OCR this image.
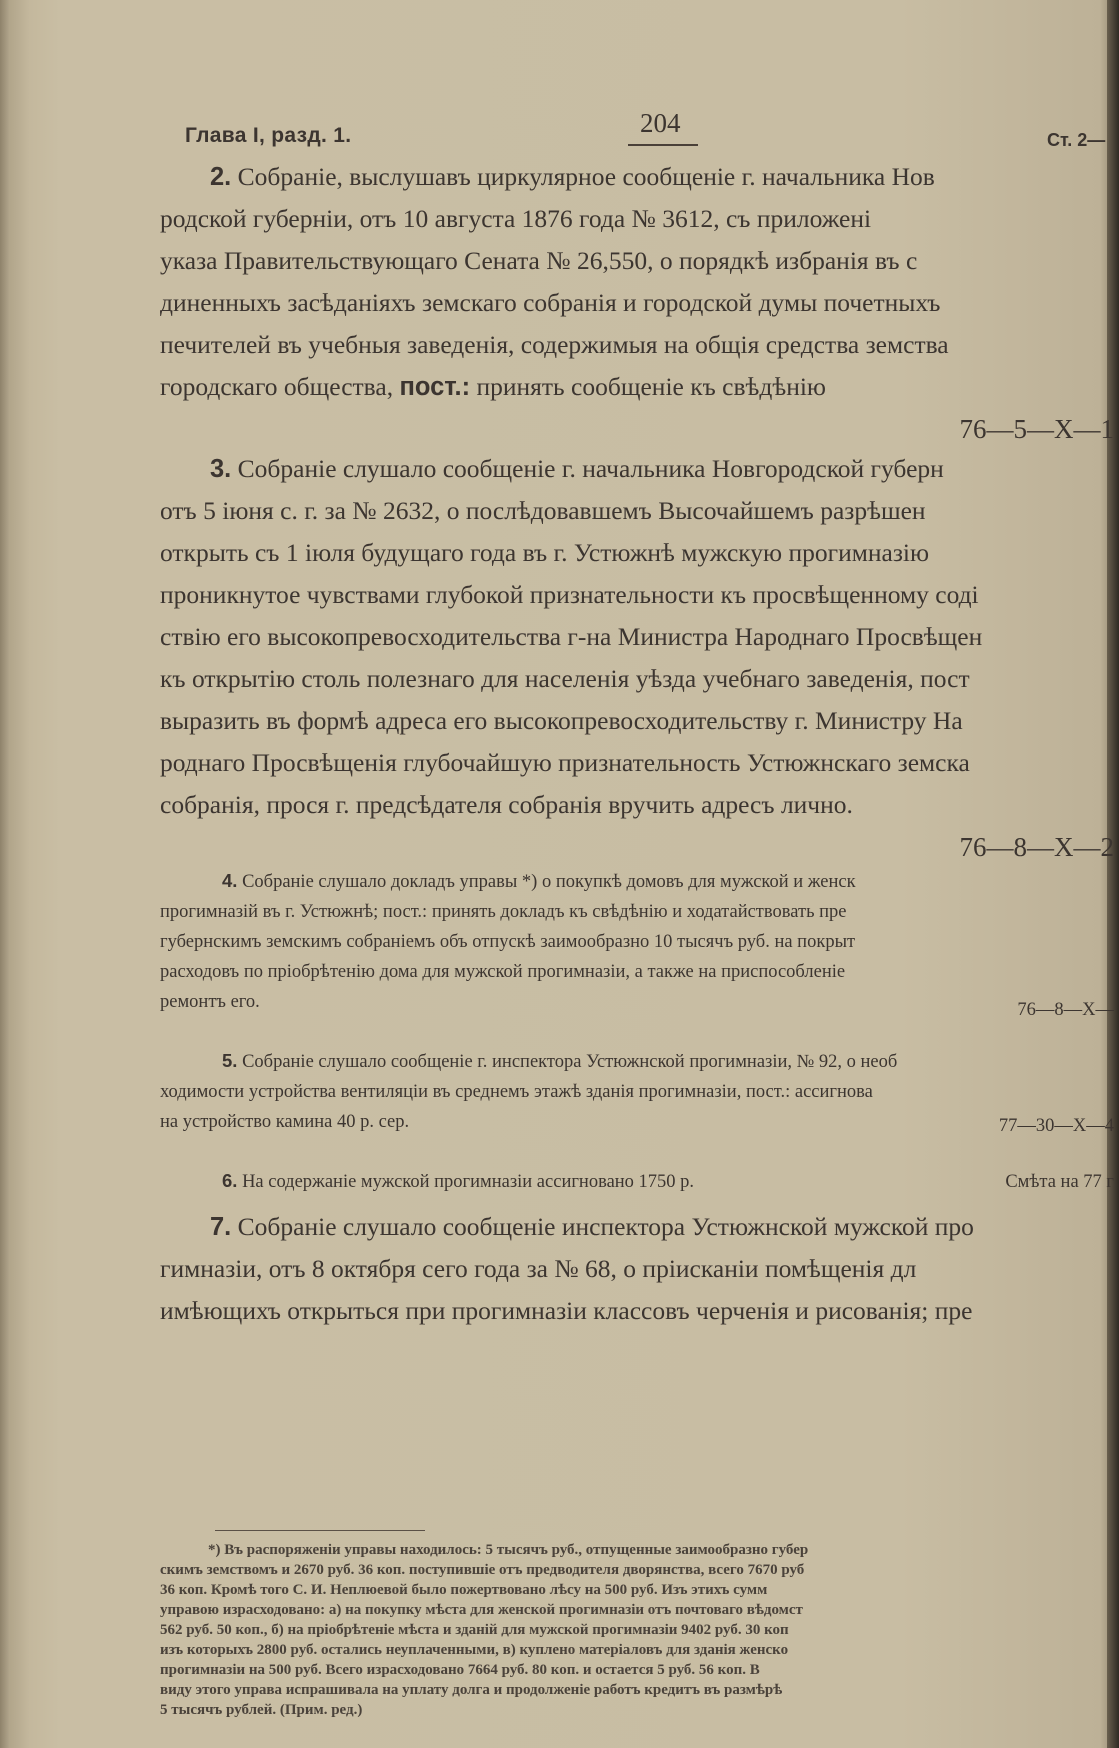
Глава I, разд. 1.	204
Ст. 2—
2. Собраніе, выслушавъ циркулярное сообщеніе г. начальника Нов
родской губерніи, отъ 10 августа 1876 года № 3612, съ приложені
указа Правительствующаго Сената № 26,550, о порядкѣ избранія въ с
диненныхъ засѣданіяхъ земскаго собранія и городской думы почетныхъ
печителей въ учебныя заведенія, содержимыя на общія средства земства
городскаго общества, пост.: принять сообщеніе къ свѣдѣнію
76—5—X—1
3. Собраніе слушало сообщеніе г. начальника Новгородской губерн
отъ 5 іюня с. г. за № 2632, о послѣдовавшемъ Высочайшемъ разрѣшен
открыть съ 1 іюля будущаго года въ г. Устюжнѣ мужскую прогимназію
проникнутое чувствами глубокой признательности къ просвѣщенному соді
ствію его высокопревосходительства г-на Министра Народнаго Просвѣщен
къ открытію столь полезнаго для населенія уѣзда учебнаго заведенія, пост
выразить въ формѣ адреса его высокопревосходительству г. Министру На
роднаго Просвѣщенія глубочайшую признательность Устюжнскаго земска
собранія, прося г. предсѣдателя собранія вручить адресъ лично.
76—8—X—2
4. Собраніе слушало докладъ управы *) о покупкѣ домовъ для мужской и женск
прогимназій въ г. Устюжнѣ; пост.: принять докладъ къ свѣдѣнію и ходатайствовать пре
губернскимъ земскимъ собраніемъ объ отпускѣ заимообразно 10 тысячъ руб. на покрыт
расходовъ по пріобрѣтенію дома для мужской прогимназіи, а также на приспособленіе
ремонтъ его.	76—8—X—
5. Собраніе слушало сообщеніе г. инспектора Устюжнской прогимназіи, № 92, о необ
ходимости устройства вентиляціи въ среднемъ этажѣ зданія прогимназіи, пост.: ассигнова
на устройство камина 40 р. сер.	77—30—X—4
6. На содержаніе мужской прогимназіи ассигновано 1750 р.	Смѣта на 77 г
7. Собраніе слушало сообщеніе инспектора Устюжнской мужской про
гимназіи, отъ 8 октября сего года за № 68, о пріисканіи помѣщенія дл
имѣющихъ открыться при прогимназіи классовъ черченія и рисованія; пре
*) Въ распоряженіи управы находилось: 5 тысячъ руб., отпущенные заимообразно губер
скимъ земствомъ и 2670 руб. 36 коп. поступившіе отъ предводителя дворянства, всего 7670 руб
36 коп. Кромѣ того С. И. Неплюевой было пожертвовано лѣсу на 500 руб. Изъ этихъ сумм
управою израсходовано: а) на покупку мѣста для женской прогимназіи отъ почтоваго вѣдомст
562 руб. 50 коп., б) на пріобрѣтеніе мѣста и зданій для мужской прогимназіи 9402 руб. 30 коп
изъ которыхъ 2800 руб. остались неуплаченными, в) куплено матеріаловъ для зданія женско
прогимназіи на 500 руб. Всего израсходовано 7664 руб. 80 коп. и остается 5 руб. 56 коп. В
виду этого управа испрашивала на уплату долга и продолженіе работъ кредитъ въ размѣрѣ
5 тысячъ рублей. (Прим. ред.)
